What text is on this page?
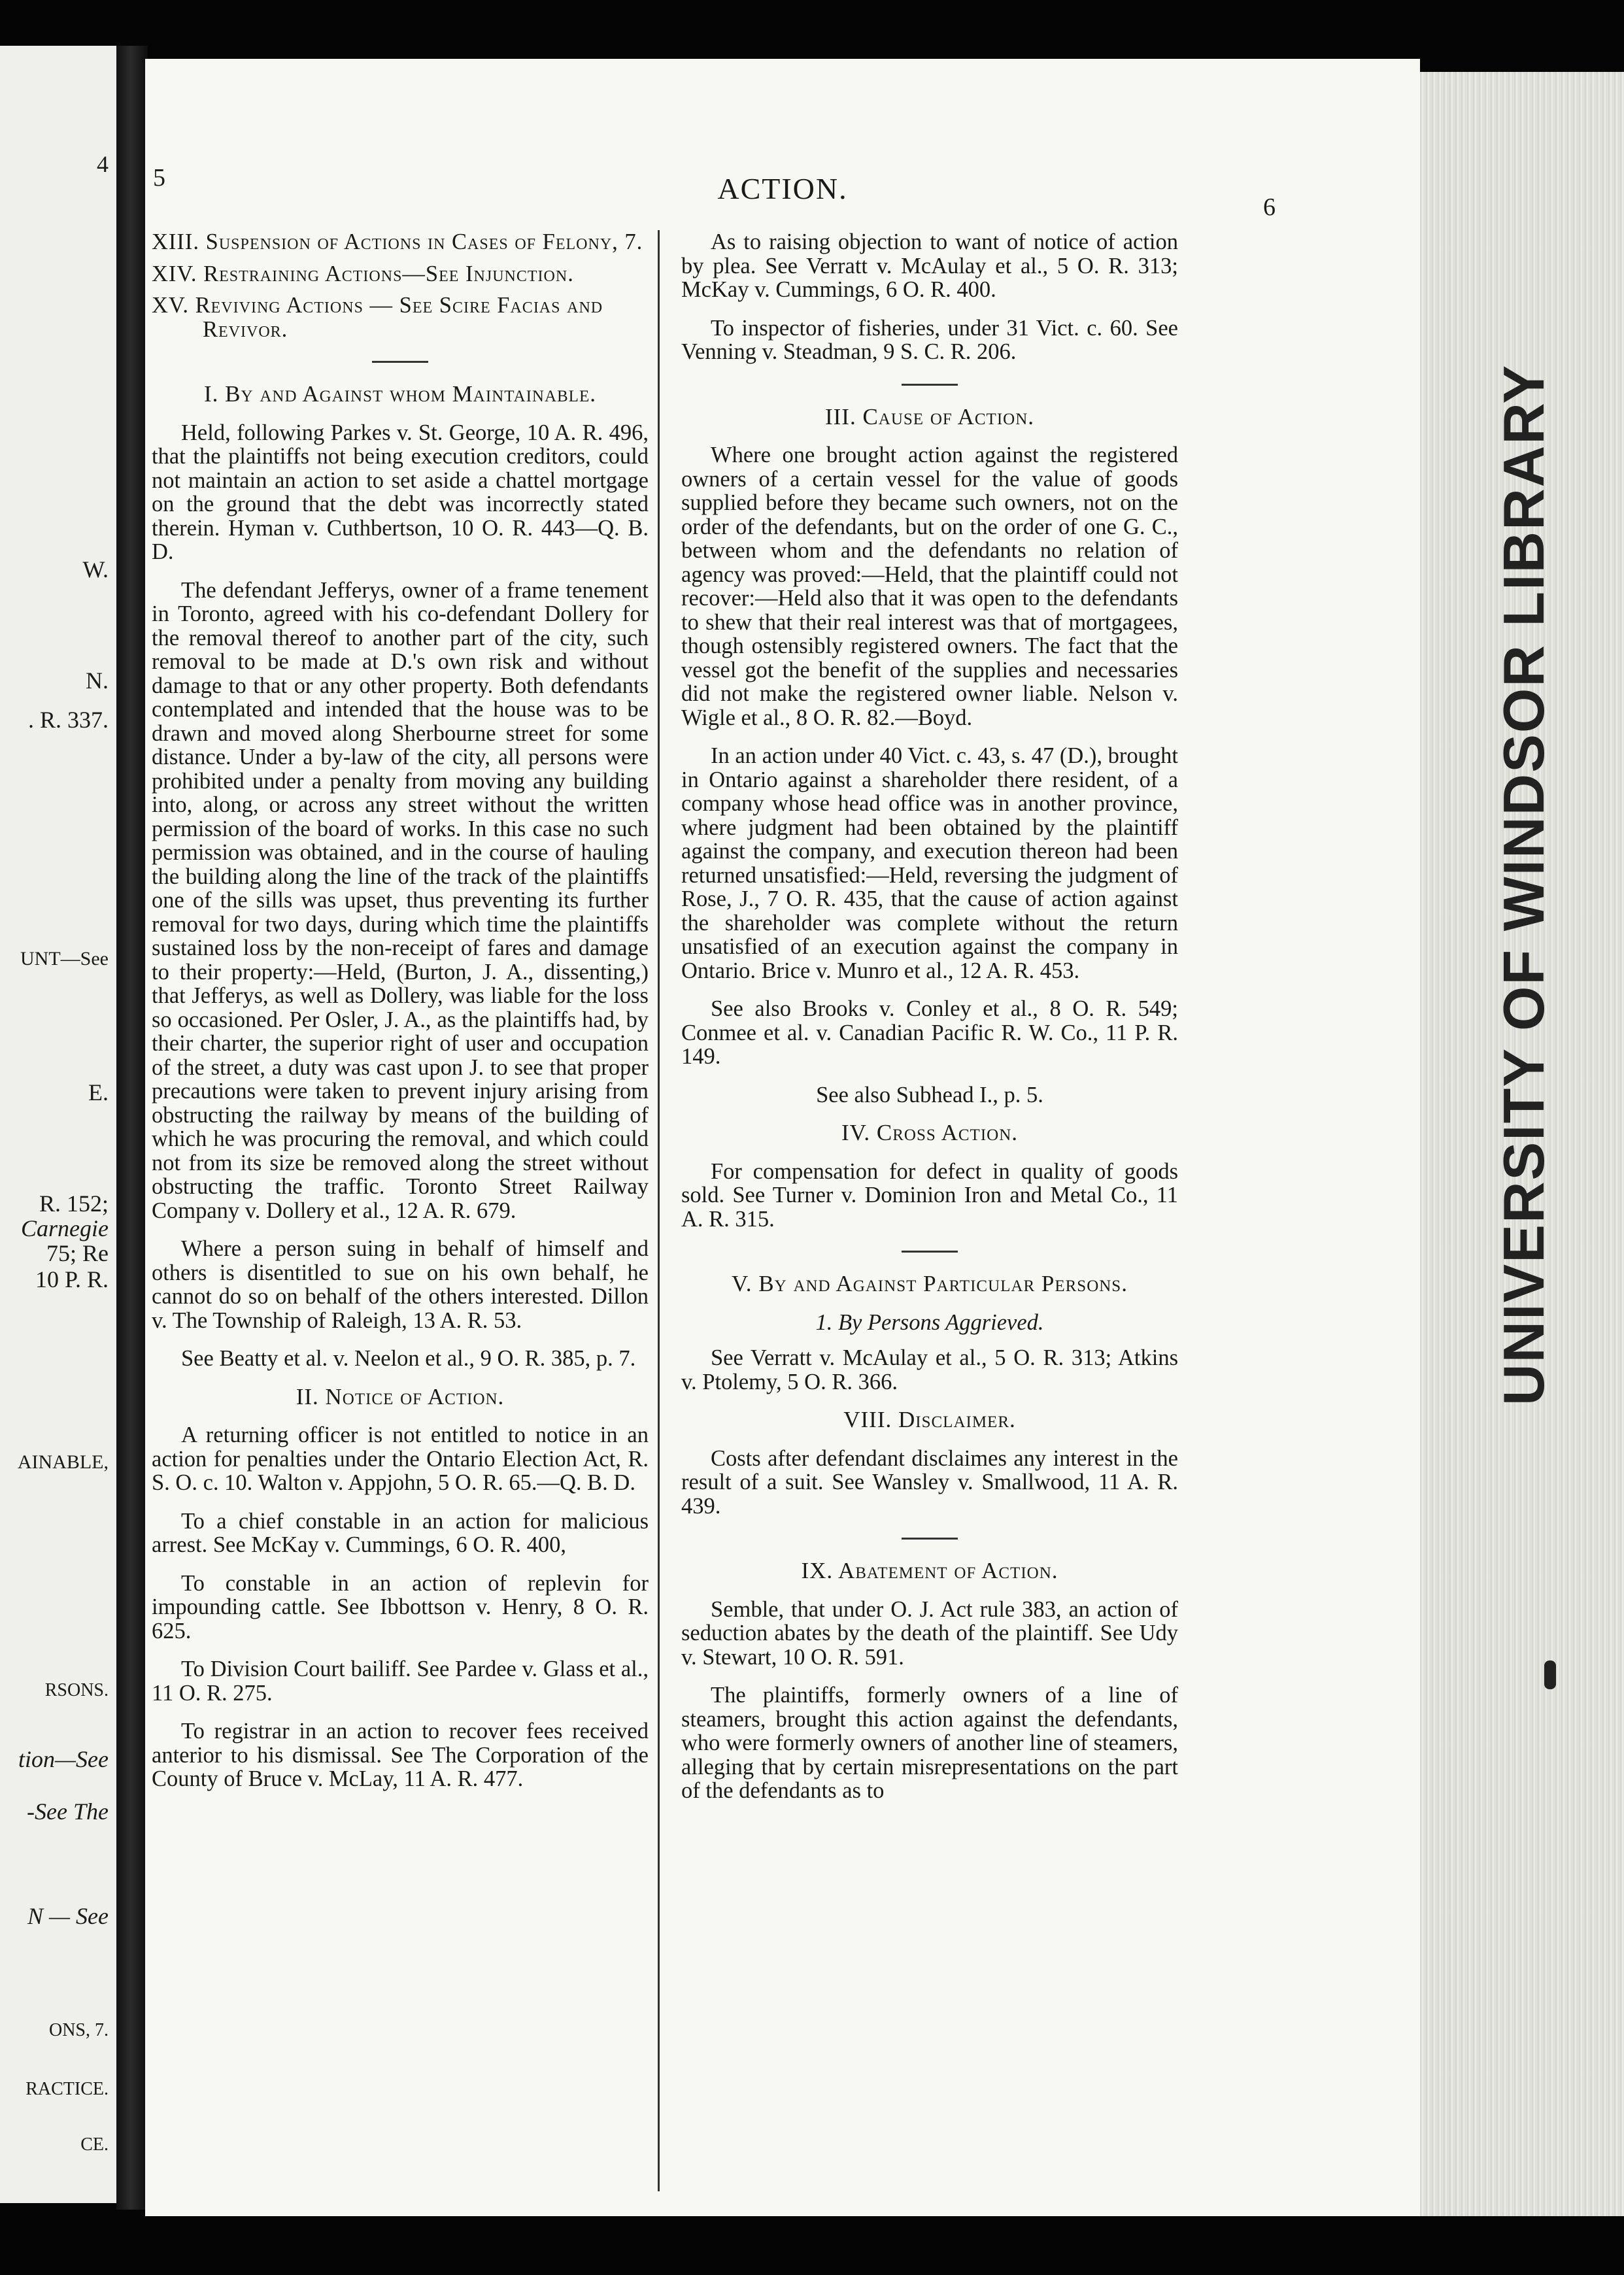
4
W.
N.
. R. 337.
UNT—See
E.
R. 152;
Carnegie
75; Re
10 P. R.
AINABLE,
RSONS.
tion—See
-See The
N — See
ONS, 7.
RACTICE.
CE.
UNIVERSITY OF WINDSOR LIBRARY
5	ACTION.
6
XIII. Suspension of Actions in Cases of Felony, 7.
XIV. Restraining Actions—See Injunction.
XV. Reviving Actions — See Scire Facias and Revivor.
I. By and Against whom Maintainable.

Held, following Parkes v. St. George, 10 A. R. 496, that the plaintiffs not being execution creditors, could not maintain an action to set aside a chattel mortgage on the ground that the debt was incorrectly stated therein. Hyman v. Cuthbertson, 10 O. R. 443—Q. B. D.

The defendant Jefferys, owner of a frame tenement in Toronto, agreed with his co-defendant Dollery for the removal thereof to another part of the city, such removal to be made at D.'s own risk and without damage to that or any other property. Both defendants contemplated and intended that the house was to be drawn and moved along Sherbourne street for some distance. Under a by-law of the city, all persons were prohibited under a penalty from moving any building into, along, or across any street without the written permission of the board of works. In this case no such permission was obtained, and in the course of hauling the building along the line of the track of the plaintiffs one of the sills was upset, thus preventing its further removal for two days, during which time the plaintiffs sustained loss by the non-receipt of fares and damage to their property:—Held, (Burton, J. A., dissenting,) that Jefferys, as well as Dollery, was liable for the loss so occasioned. Per Osler, J. A., as the plaintiffs had, by their charter, the superior right of user and occupation of the street, a duty was cast upon J. to see that proper precautions were taken to prevent injury arising from obstructing the railway by means of the building of which he was procuring the removal, and which could not from its size be removed along the street without obstructing the traffic. Toronto Street Railway Company v. Dollery et al., 12 A. R. 679.

Where a person suing in behalf of himself and others is disentitled to sue on his own behalf, he cannot do so on behalf of the others interested. Dillon v. The Township of Raleigh, 13 A. R. 53.

See Beatty et al. v. Neelon et al., 9 O. R. 385, p. 7.

II. Notice of Action.

A returning officer is not entitled to notice in an action for penalties under the Ontario Election Act, R. S. O. c. 10. Walton v. Appjohn, 5 O. R. 65.—Q. B. D.

To a chief constable in an action for malicious arrest. See McKay v. Cummings, 6 O. R. 400,

To constable in an action of replevin for impounding cattle. See Ibbottson v. Henry, 8 O. R. 625.

To Division Court bailiff. See Pardee v. Glass et al., 11 O. R. 275.

To registrar in an action to recover fees received anterior to his dismissal. See The Corporation of the County of Bruce v. McLay, 11 A. R. 477.

As to raising objection to want of notice of action by plea. See Verratt v. McAulay et al., 5 O. R. 313; McKay v. Cummings, 6 O. R. 400.

To inspector of fisheries, under 31 Vict. c. 60. See Venning v. Steadman, 9 S. C. R. 206.

III. Cause of Action.

Where one brought action against the registered owners of a certain vessel for the value of goods supplied before they became such owners, not on the order of the defendants, but on the order of one G. C., between whom and the defendants no relation of agency was proved:—Held, that the plaintiff could not recover:—Held also that it was open to the defendants to shew that their real interest was that of mortgagees, though ostensibly registered owners. The fact that the vessel got the benefit of the supplies and necessaries did not make the registered owner liable. Nelson v. Wigle et al., 8 O. R. 82.—Boyd.

In an action under 40 Vict. c. 43, s. 47 (D.), brought in Ontario against a shareholder there resident, of a company whose head office was in another province, where judgment had been obtained by the plaintiff against the company, and execution thereon had been returned unsatisfied:—Held, reversing the judgment of Rose, J., 7 O. R. 435, that the cause of action against the shareholder was complete without the return unsatisfied of an execution against the company in Ontario. Brice v. Munro et al., 12 A. R. 453.

See also Brooks v. Conley et al., 8 O. R. 549; Conmee et al. v. Canadian Pacific R. W. Co., 11 P. R. 149.

See also Subhead I., p. 5.

IV. Cross Action.

For compensation for defect in quality of goods sold. See Turner v. Dominion Iron and Metal Co., 11 A. R. 315.

V. By and Against Particular Persons.
1. By Persons Aggrieved.

See Verratt v. McAulay et al., 5 O. R. 313; Atkins v. Ptolemy, 5 O. R. 366.

VIII. Disclaimer.

Costs after defendant disclaimes any interest in the result of a suit. See Wansley v. Smallwood, 11 A. R. 439.

IX. Abatement of Action.

Semble, that under O. J. Act rule 383, an action of seduction abates by the death of the plaintiff. See Udy v. Stewart, 10 O. R. 591.

The plaintiffs, formerly owners of a line of steamers, brought this action against the defendants, who were formerly owners of another line of steamers, alleging that by certain misrepresentations on the part of the defendants as to
